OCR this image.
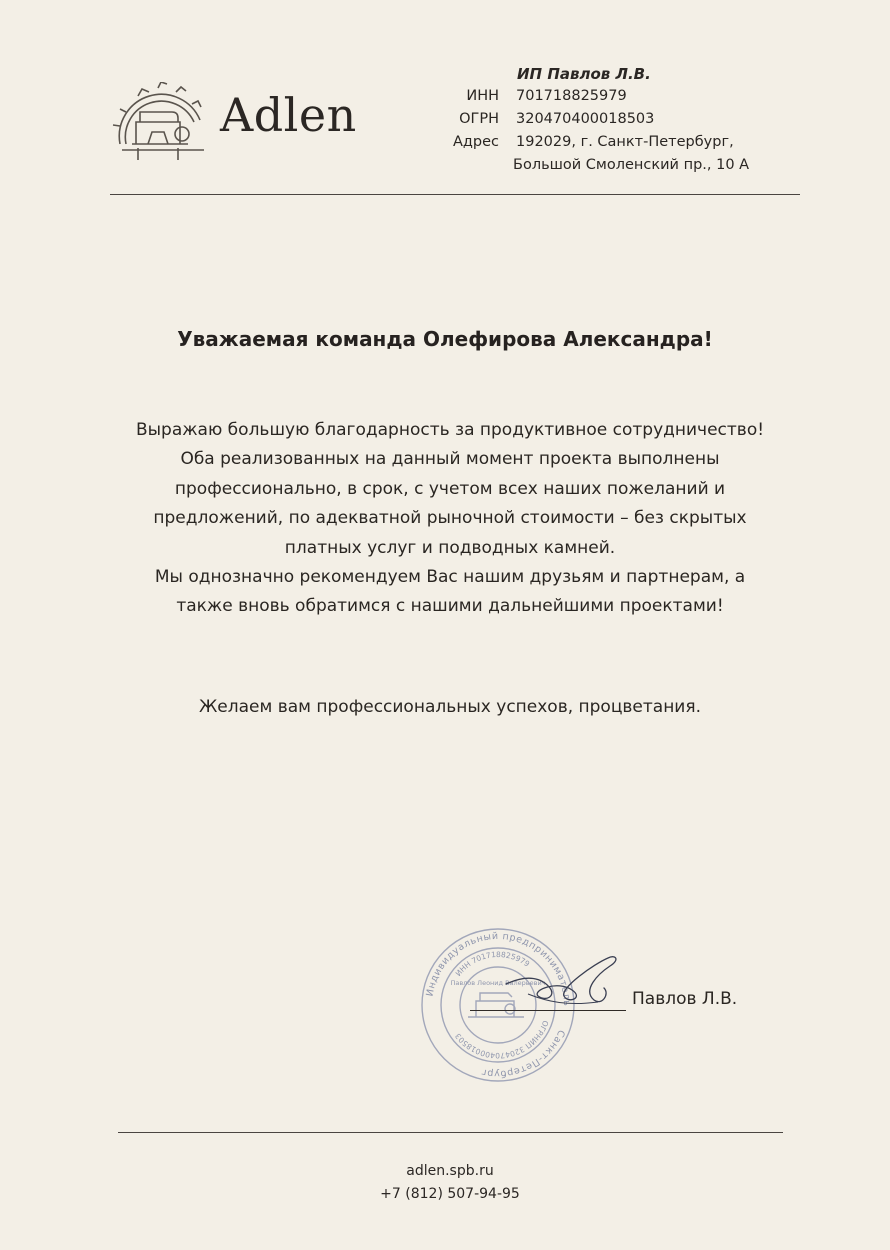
Adlen
ИП Павлов Л.В.
ИНН 701718825979
ОГРН 320470400018503
Адрес 192029, г. Санкт-Петербург,
Большой Смоленский пр., 10 А
Уважаемая команда Олефирова Александра!

Выражаю большую благодарность за продуктивное сотрудничество!

Оба реализованных на данный момент проекта выполнены профессионально, в срок, с учетом всех наших пожеланий и предложений, по адекватной рыночной стоимости – без скрытых платных услуг и подводных камней.

Мы однозначно рекомендуем Вас нашим друзьям и партнерам, а также вновь обратимся с нашими дальнейшими проектами!

Желаем вам профессиональных успехов, процветания.
Индивидуальный предприниматель
Санкт-Петербург
ИНН 701718825979
ОГРНИП 320470400018503
Павлов Леонид Валерьевич
Павлов Л.В.
adlen.spb.ru
+7 (812) 507-94-95
